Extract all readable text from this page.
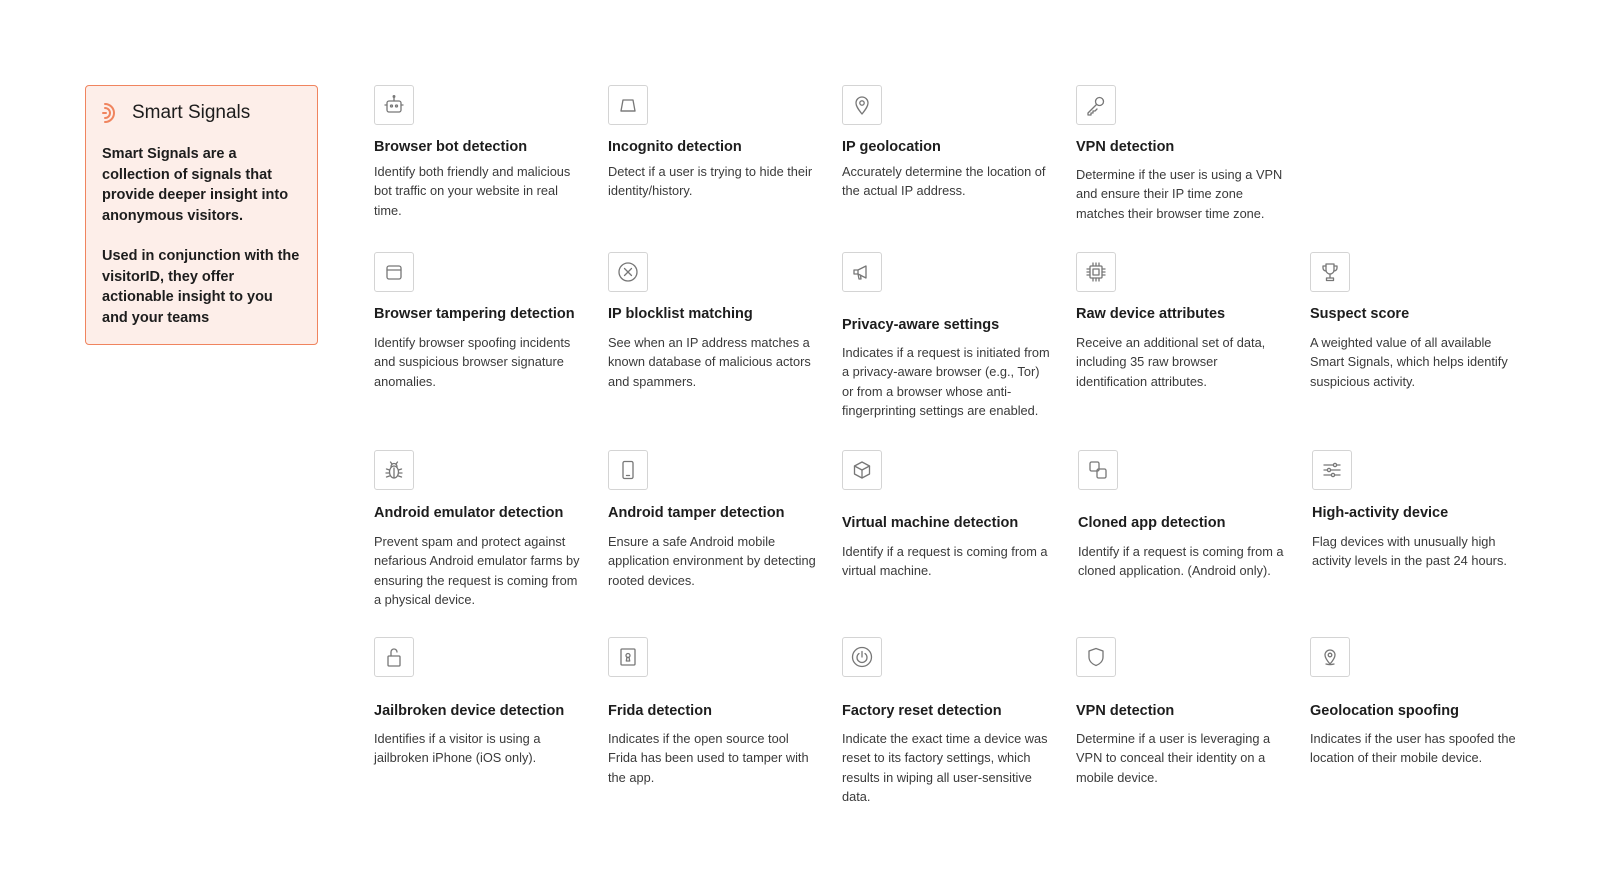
Smart Signals

Smart Signals are a collection of signals that provide deeper insight into anonymous visitors.

Used in conjunction with the visitorID, they offer actionable insight to you and your teams

Browser bot detection

Identify both friendly and malicious bot traffic on your website in real time.

Incognito detection

Detect if a user is trying to hide their identity/history.

IP geolocation

Accurately determine the location of the actual IP address.

VPN detection

Determine if the user is using a VPN and ensure their IP time zone matches their browser time zone.

Browser tampering detection

Identify browser spoofing incidents and suspicious browser signature anomalies.

IP blocklist matching

See when an IP address matches a known database of malicious actors and spammers.

Privacy-aware settings

Indicates if a request is initiated from a privacy-aware browser (e.g., Tor) or from a browser whose anti-fingerprinting settings are enabled.

Raw device attributes

Receive an additional set of data, including 35 raw browser identification attributes.

Suspect score

A weighted value of all available Smart Signals, which helps identify suspicious activity.

Android emulator detection

Prevent spam and protect against nefarious Android emulator farms by ensuring the request is coming from a physical device.

Android tamper detection

Ensure a safe Android mobile application environment by detecting rooted devices.

Virtual machine detection

Identify if a request is coming from a virtual machine.

Cloned app detection

Identify if a request is coming from a cloned application. (Android only).

High-activity device

Flag devices with unusually high activity levels in the past 24 hours.

Jailbroken device detection

Identifies if a visitor is using a jailbroken iPhone (iOS only).

Frida detection

Indicates if the open source tool Frida has been used to tamper with the app.

Factory reset detection

Indicate the exact time a device was reset to its factory settings, which results in wiping all user-sensitive data.

VPN detection

Determine if a user is leveraging a VPN to conceal their identity on a mobile device.

Geolocation spoofing

Indicates if the user has spoofed the location of their mobile device.
